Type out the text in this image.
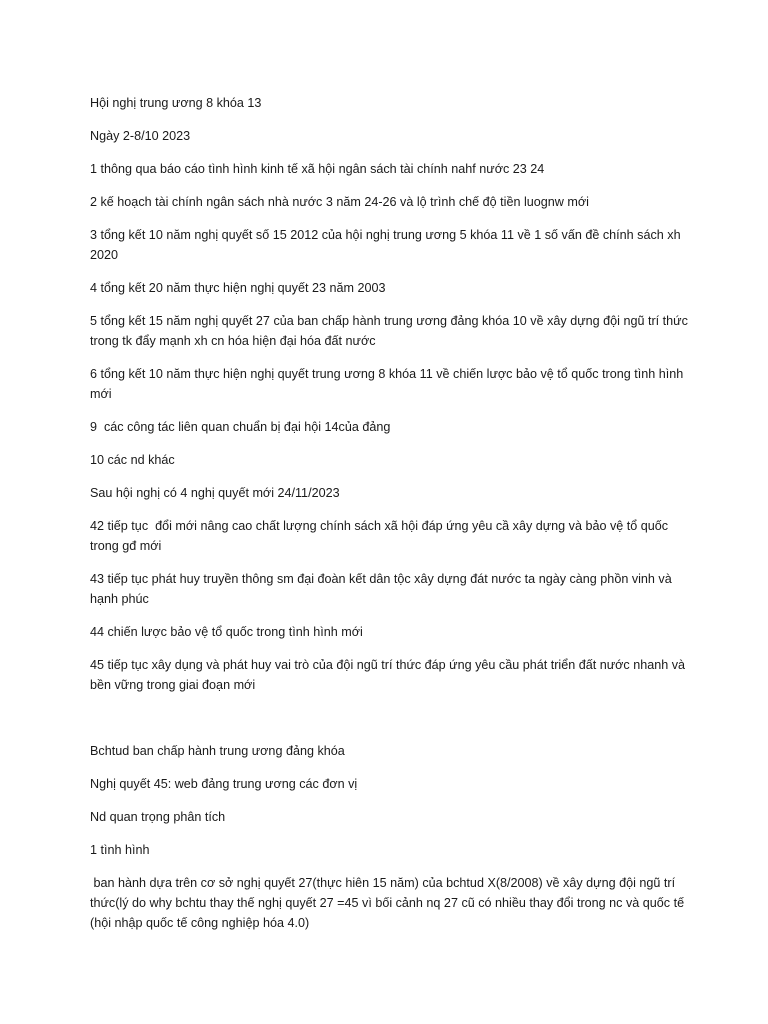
Hội nghị trung ương 8 khóa 13

Ngày 2-8/10 2023

1 thông qua báo cáo tình hình kinh tế xã hội ngân sách tài chính nahf nước 23 24

2 kế hoạch tài chính ngân sách nhà nước 3 năm 24-26 và lộ trình chế độ tiền luognw mới

3 tổng kết 10 năm nghị quyết số 15 2012 của hội nghị trung ương 5 khóa 11 về 1 số vấn đề chính sách xh 2020

4 tổng kết 20 năm thực hiện nghị quyết 23 năm 2003

5 tổng kết 15 năm nghị quyết 27 của ban chấp hành trung ương đảng khóa 10 về xây dựng đội ngũ trí thức  trong tk đẩy mạnh xh cn hóa hiện đại hóa đất nước

6 tổng kết 10 năm thực hiện nghị quyết trung ương 8 khóa 11 về chiến lược bảo vệ tổ quốc trong tình hình mới

9  các công tác liên quan chuẩn bị đại hội 14của đảng

10 các nd khác

Sau hội nghị có 4 nghị quyết mới 24/11/2023

42 tiếp tục  đổi mới nâng cao chất lượng chính sách xã hội đáp ứng yêu cầ xây dựng và bảo vệ tổ quốc trong gđ mới

43 tiếp tục phát huy truyền thông sm đại đoàn kết dân tộc xây dựng đát nước ta ngày càng phồn vinh và hạnh phúc

44 chiến lược bảo vệ tổ quốc trong tình hình mới

45 tiếp tục xây dụng và phát huy vai trò của đội ngũ trí thức đáp ứng yêu cầu phát triển đất nước nhanh và bền vững trong giai đoạn mới

Bchtud ban chấp hành trung ương đảng khóa

Nghị quyết 45: web đảng trung ương các đơn vị

Nd quan trọng phân tích

1 tình hình

ban hành dựa trên cơ sở nghị quyết 27(thực hiên 15 năm) của bchtud X(8/2008) về xây dựng đội ngũ trí thức(lý do why bchtu thay thế nghị quyết 27 =45 vì bối cảnh nq 27 cũ có nhiều thay đổi trong nc và quốc tế (hội nhập quốc tế công nghiệp hóa 4.0)
